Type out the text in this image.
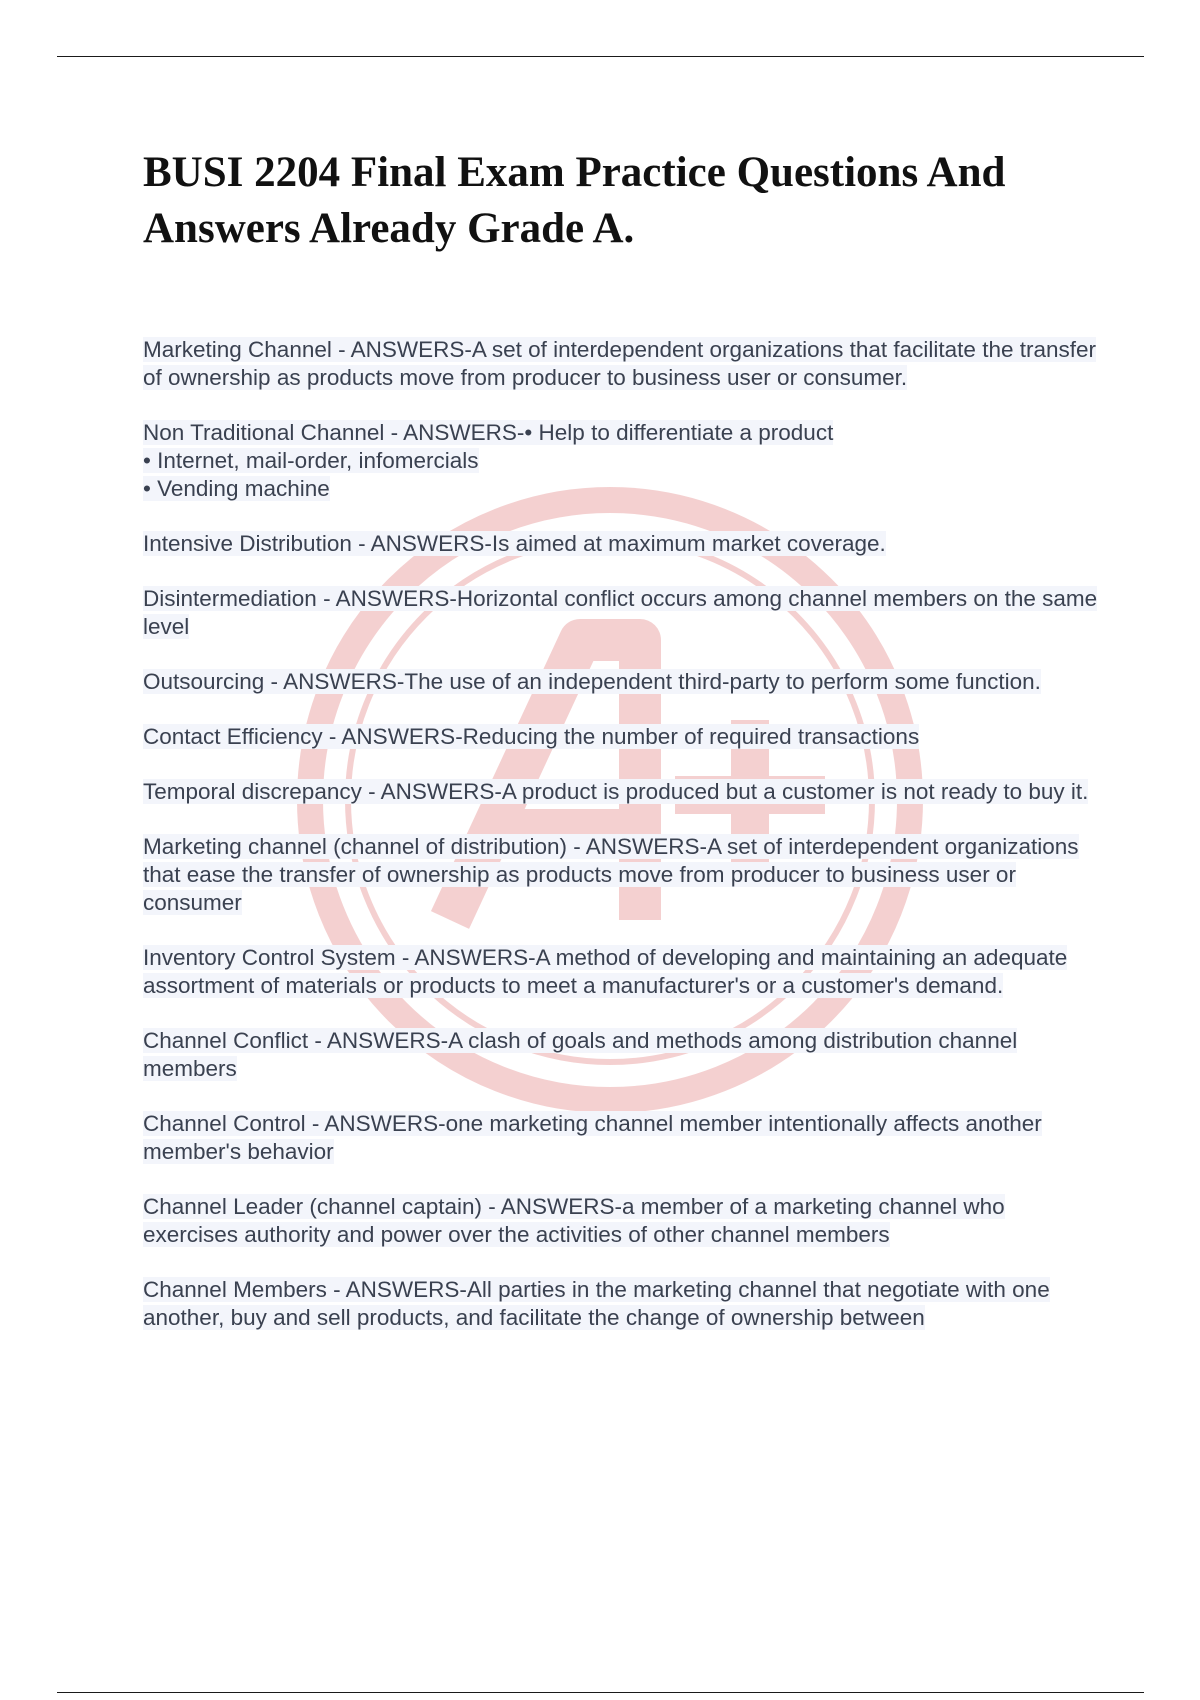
BUSI 2204 Final Exam Practice Questions And Answers Already Grade A.

Marketing Channel - ANSWERS-A set of interdependent organizations that facilitate the transfer of ownership as products move from producer to business user or consumer.

Non Traditional Channel - ANSWERS-• Help to differentiate a product
• Internet, mail-order, infomercials
• Vending machine

Intensive Distribution - ANSWERS-Is aimed at maximum market coverage.

Disintermediation - ANSWERS-Horizontal conflict occurs among channel members on the same level

Outsourcing - ANSWERS-The use of an independent third-party to perform some function.

Contact Efficiency - ANSWERS-Reducing the number of required transactions

Temporal discrepancy - ANSWERS-A product is produced but a customer is not ready to buy it.

Marketing channel (channel of distribution) - ANSWERS-A set of interdependent organizations that ease the transfer of ownership as products move from producer to business user or consumer

Inventory Control System - ANSWERS-A method of developing and maintaining an adequate assortment of materials or products to meet a manufacturer's or a customer's demand.

Channel Conflict - ANSWERS-A clash of goals and methods among distribution channel members

Channel Control - ANSWERS-one marketing channel member intentionally affects another member's behavior

Channel Leader (channel captain) - ANSWERS-a member of a marketing channel who exercises authority and power over the activities of other channel members

Channel Members - ANSWERS-All parties in the marketing channel that negotiate with one another, buy and sell products, and facilitate the change of ownership between
